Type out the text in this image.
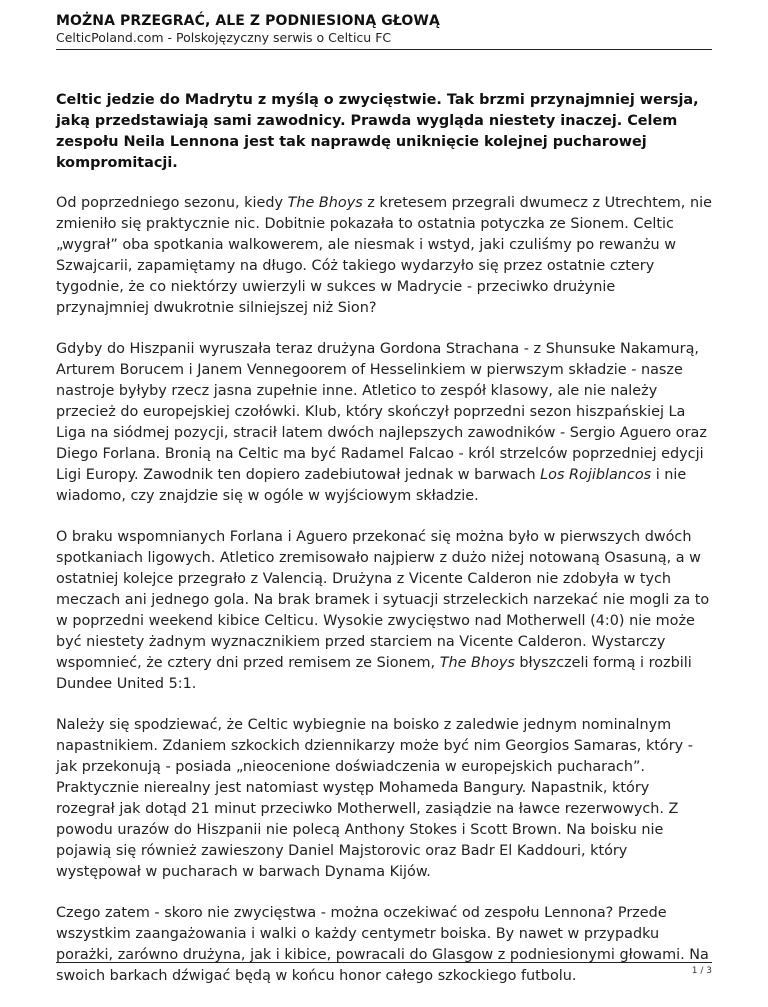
MOŻNA PRZEGRAĆ, ALE Z PODNIESIONĄ GŁOWĄ
CelticPoland.com - Polskojęzyczny serwis o Celticu FC

Celtic jedzie do Madrytu z myślą o zwycięstwie. Tak brzmi przynajmniej wersja, jaką przedstawiają sami zawodnicy. Prawda wygląda niestety inaczej. Celem zespołu Neila Lennona jest tak naprawdę uniknięcie kolejnej pucharowej kompromitacji.

Od poprzedniego sezonu, kiedy The Bhoys z kretesem przegrali dwumecz z Utrechtem, nie zmieniło się praktycznie nic. Dobitnie pokazała to ostatnia potyczka ze Sionem. Celtic „wygrał” oba spotkania walkowerem, ale niesmak i wstyd, jaki czuliśmy po rewanżu w Szwajcarii, zapamiętamy na długo. Cóż takiego wydarzyło się przez ostatnie cztery tygodnie, że co niektórzy uwierzyli w sukces w Madrycie - przeciwko drużynie przynajmniej dwukrotnie silniejszej niż Sion?

Gdyby do Hiszpanii wyruszała teraz drużyna Gordona Strachana - z Shunsuke Nakamurą, Arturem Borucem i Janem Vennegoorem of Hesselinkiem w pierwszym składzie - nasze nastroje byłyby rzecz jasna zupełnie inne. Atletico to zespół klasowy, ale nie należy przecież do europejskiej czołówki. Klub, który skończył poprzedni sezon hiszpańskiej La Liga na siódmej pozycji, stracił latem dwóch najlepszych zawodników - Sergio Aguero oraz Diego Forlana. Bronią na Celtic ma być Radamel Falcao - król strzelców poprzedniej edycji Ligi Europy. Zawodnik ten dopiero zadebiutował jednak w barwach Los Rojiblancos i nie wiadomo, czy znajdzie się w ogóle w wyjściowym składzie.

O braku wspomnianych Forlana i Aguero przekonać się można było w pierwszych dwóch spotkaniach ligowych. Atletico zremisowało najpierw z dużo niżej notowaną Osasuną, a w ostatniej kolejce przegrało z Valencią. Drużyna z Vicente Calderon nie zdobyła w tych meczach ani jednego gola. Na brak bramek i sytuacji strzeleckich narzekać nie mogli za to w poprzedni weekend kibice Celticu. Wysokie zwycięstwo nad Motherwell (4:0) nie może być niestety żadnym wyznacznikiem przed starciem na Vicente Calderon. Wystarczy wspomnieć, że cztery dni przed remisem ze Sionem, The Bhoys błyszczeli formą i rozbili Dundee United 5:1.

Należy się spodziewać, że Celtic wybiegnie na boisko z zaledwie jednym nominalnym napastnikiem. Zdaniem szkockich dziennikarzy może być nim Georgios Samaras, który - jak przekonują - posiada „nieocenione doświadczenia w europejskich pucharach”. Praktycznie nierealny jest natomiast występ Mohameda Bangury. Napastnik, który rozegrał jak dotąd 21 minut przeciwko Motherwell, zasiądzie na ławce rezerwowych. Z powodu urazów do Hiszpanii nie polecą Anthony Stokes i Scott Brown. Na boisku nie pojawią się również zawieszony Daniel Majstorovic oraz Badr El Kaddouri, który występował w pucharach w barwach Dynama Kijów.

Czego zatem - skoro nie zwycięstwa - można oczekiwać od zespołu Lennona? Przede wszystkim zaangażowania i walki o każdy centymetr boiska. By nawet w przypadku porażki, zarówno drużyna, jak i kibice, powracali do Glasgow z podniesionymi głowami. Na swoich barkach dźwigać będą w końcu honor całego szkockiego futbolu.	1 / 3
